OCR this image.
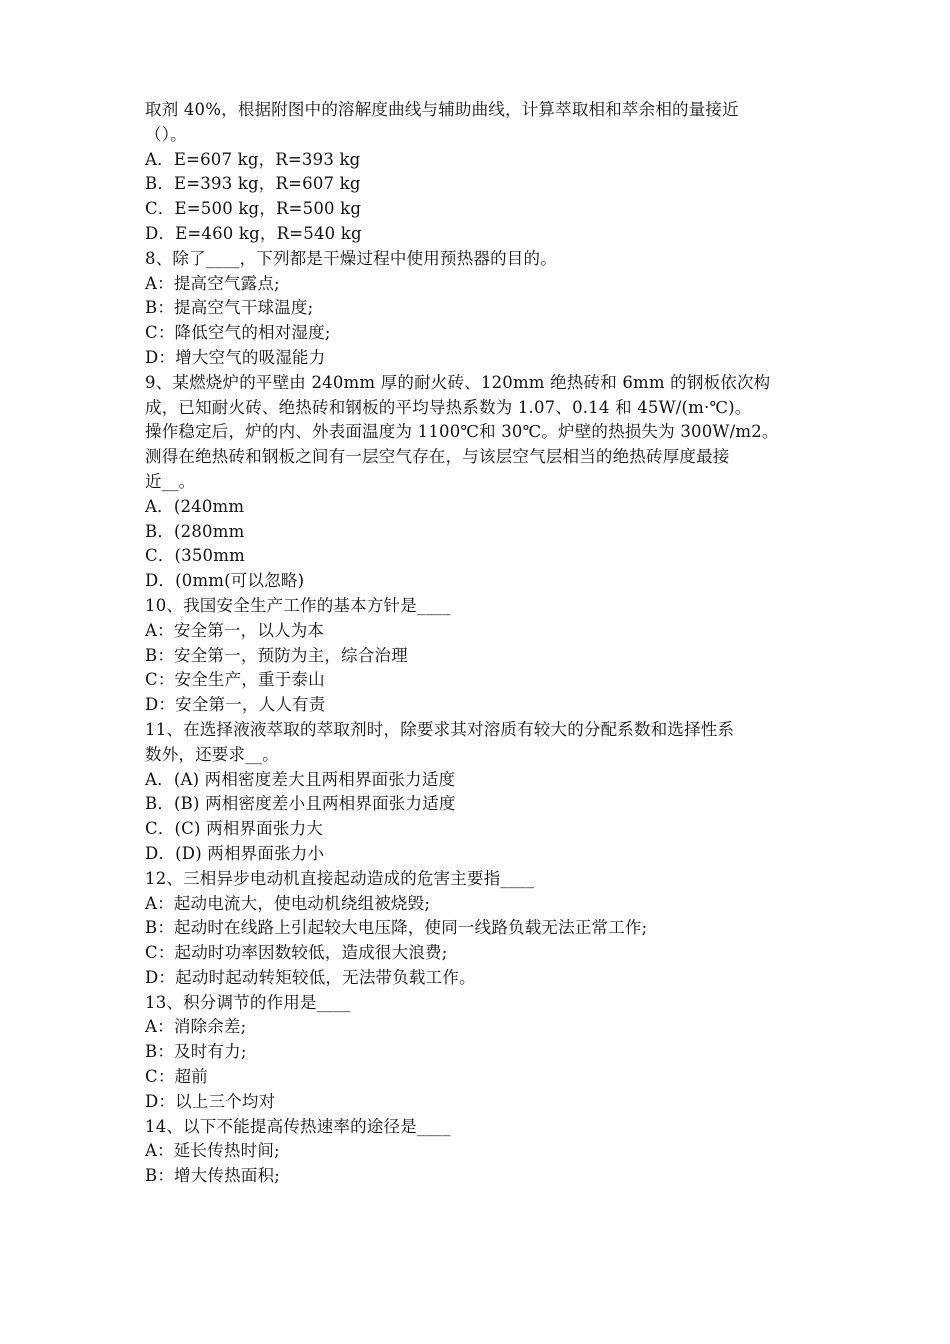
取剂 40%，根据附图中的溶解度曲线与辅助曲线，计算萃取相和萃余相的量接近
（）。
A．E=607 kg，R=393 kg
B．E=393 kg，R=607 kg
C．E=500 kg，R=500 kg
D．E=460 kg，R=540 kg
8、除了____，下列都是干燥过程中使用预热器的目的。
A：提高空气露点;
B：提高空气干球温度;
C：降低空气的相对湿度;
D：增大空气的吸湿能力
9、某燃烧炉的平壁由 240mm 厚的耐火砖、120mm 绝热砖和 6mm 的钢板依次构
成，已知耐火砖、绝热砖和钢板的平均导热系数为 1.07、0.14 和 45W/(m·℃)。
操作稳定后，炉的内、外表面温度为 1100℃和 30℃。炉壁的热损失为 300W/m2。
测得在绝热砖和钢板之间有一层空气存在，与该层空气层相当的绝热砖厚度最接
近__。
A．(240mm
B．(280mm
C．(350mm
D．(0mm(可以忽略)
10、我国安全生产工作的基本方针是____
A：安全第一，以人为本
B：安全第一，预防为主，综合治理
C：安全生产，重于泰山
D：安全第一，人人有责
11、在选择液液萃取的萃取剂时，除要求其对溶质有较大的分配系数和选择性系
数外，还要求__。
A．(A) 两相密度差大且两相界面张力适度
B．(B) 两相密度差小且两相界面张力适度
C．(C) 两相界面张力大
D．(D) 两相界面张力小
12、三相异步电动机直接起动造成的危害主要指____
A：起动电流大，使电动机绕组被烧毁;
B：起动时在线路上引起较大电压降，使同一线路负载无法正常工作;
C：起动时功率因数较低，造成很大浪费;
D：起动时起动转矩较低，无法带负载工作。
13、积分调节的作用是____
A：消除余差;
B：及时有力;
C：超前
D：以上三个均对
14、以下不能提高传热速率的途径是____
A：延长传热时间;
B：增大传热面积;
